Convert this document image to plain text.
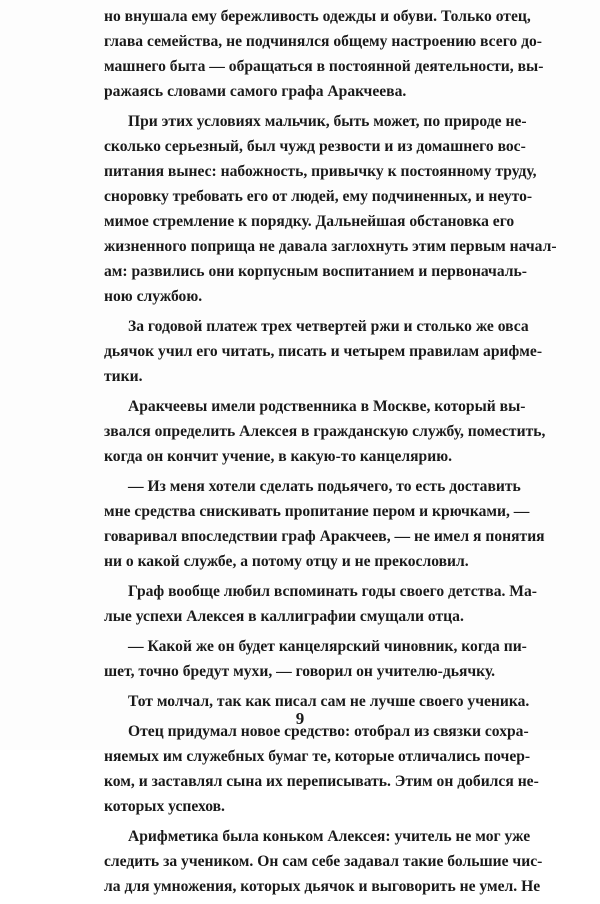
но внушала ему бережливость одежды и обуви. Только отец,
глава семейства, не подчинялся общему настроению всего до-
машнего быта — обращаться в постоянной деятельности, вы-
ражаясь словами самого графа Аракчеева.
При этих условиях мальчик, быть может, по природе не-
сколько серьезный, был чужд резвости и из домашнего вос-
питания вынес: набожность, привычку к постоянному труду,
сноровку требовать его от людей, ему подчиненных, и неуто-
мимое стремление к порядку. Дальнейшая обстановка его
жизненного поприща не давала заглохнуть этим первым начал-
ам: развились они корпусным воспитанием и первоначаль-
ною службою.
За годовой платеж трех четвертей ржи и столько же овса
дьячок учил его читать, писать и четырем правилам арифме-
тики.
Аракчеевы имели родственника в Москве, который вы-
звался определить Алексея в гражданскую службу, поместить,
когда он кончит учение, в какую-то канцелярию.
— Из меня хотели сделать подьячего, то есть доставить
мне средства снискивать пропитание пером и крючками, —
говаривал впоследствии граф Аракчеев, — не имел я понятия
ни о какой службе, а потому отцу и не прекословил.
Граф вообще любил вспоминать годы своего детства. Ма-
лые успехи Алексея в каллиграфии смущали отца.
— Какой же он будет канцелярский чиновник, когда пи-
шет, точно бредут мухи, — говорил он учителю-дьячку.
Тот молчал, так как писал сам не лучше своего ученика.
Отец придумал новое средство: отобрал из связки сохра-
няемых им служебных бумаг те, которые отличались почер-
ком, и заставлял сына их переписывать. Этим он добился не-
которых успехов.
Арифметика была коньком Алексея: учитель не мог уже
следить за учеником. Он сам себе задавал такие большие чис-
ла для умножения, которых дьячок и выговорить не умел. Не
9
